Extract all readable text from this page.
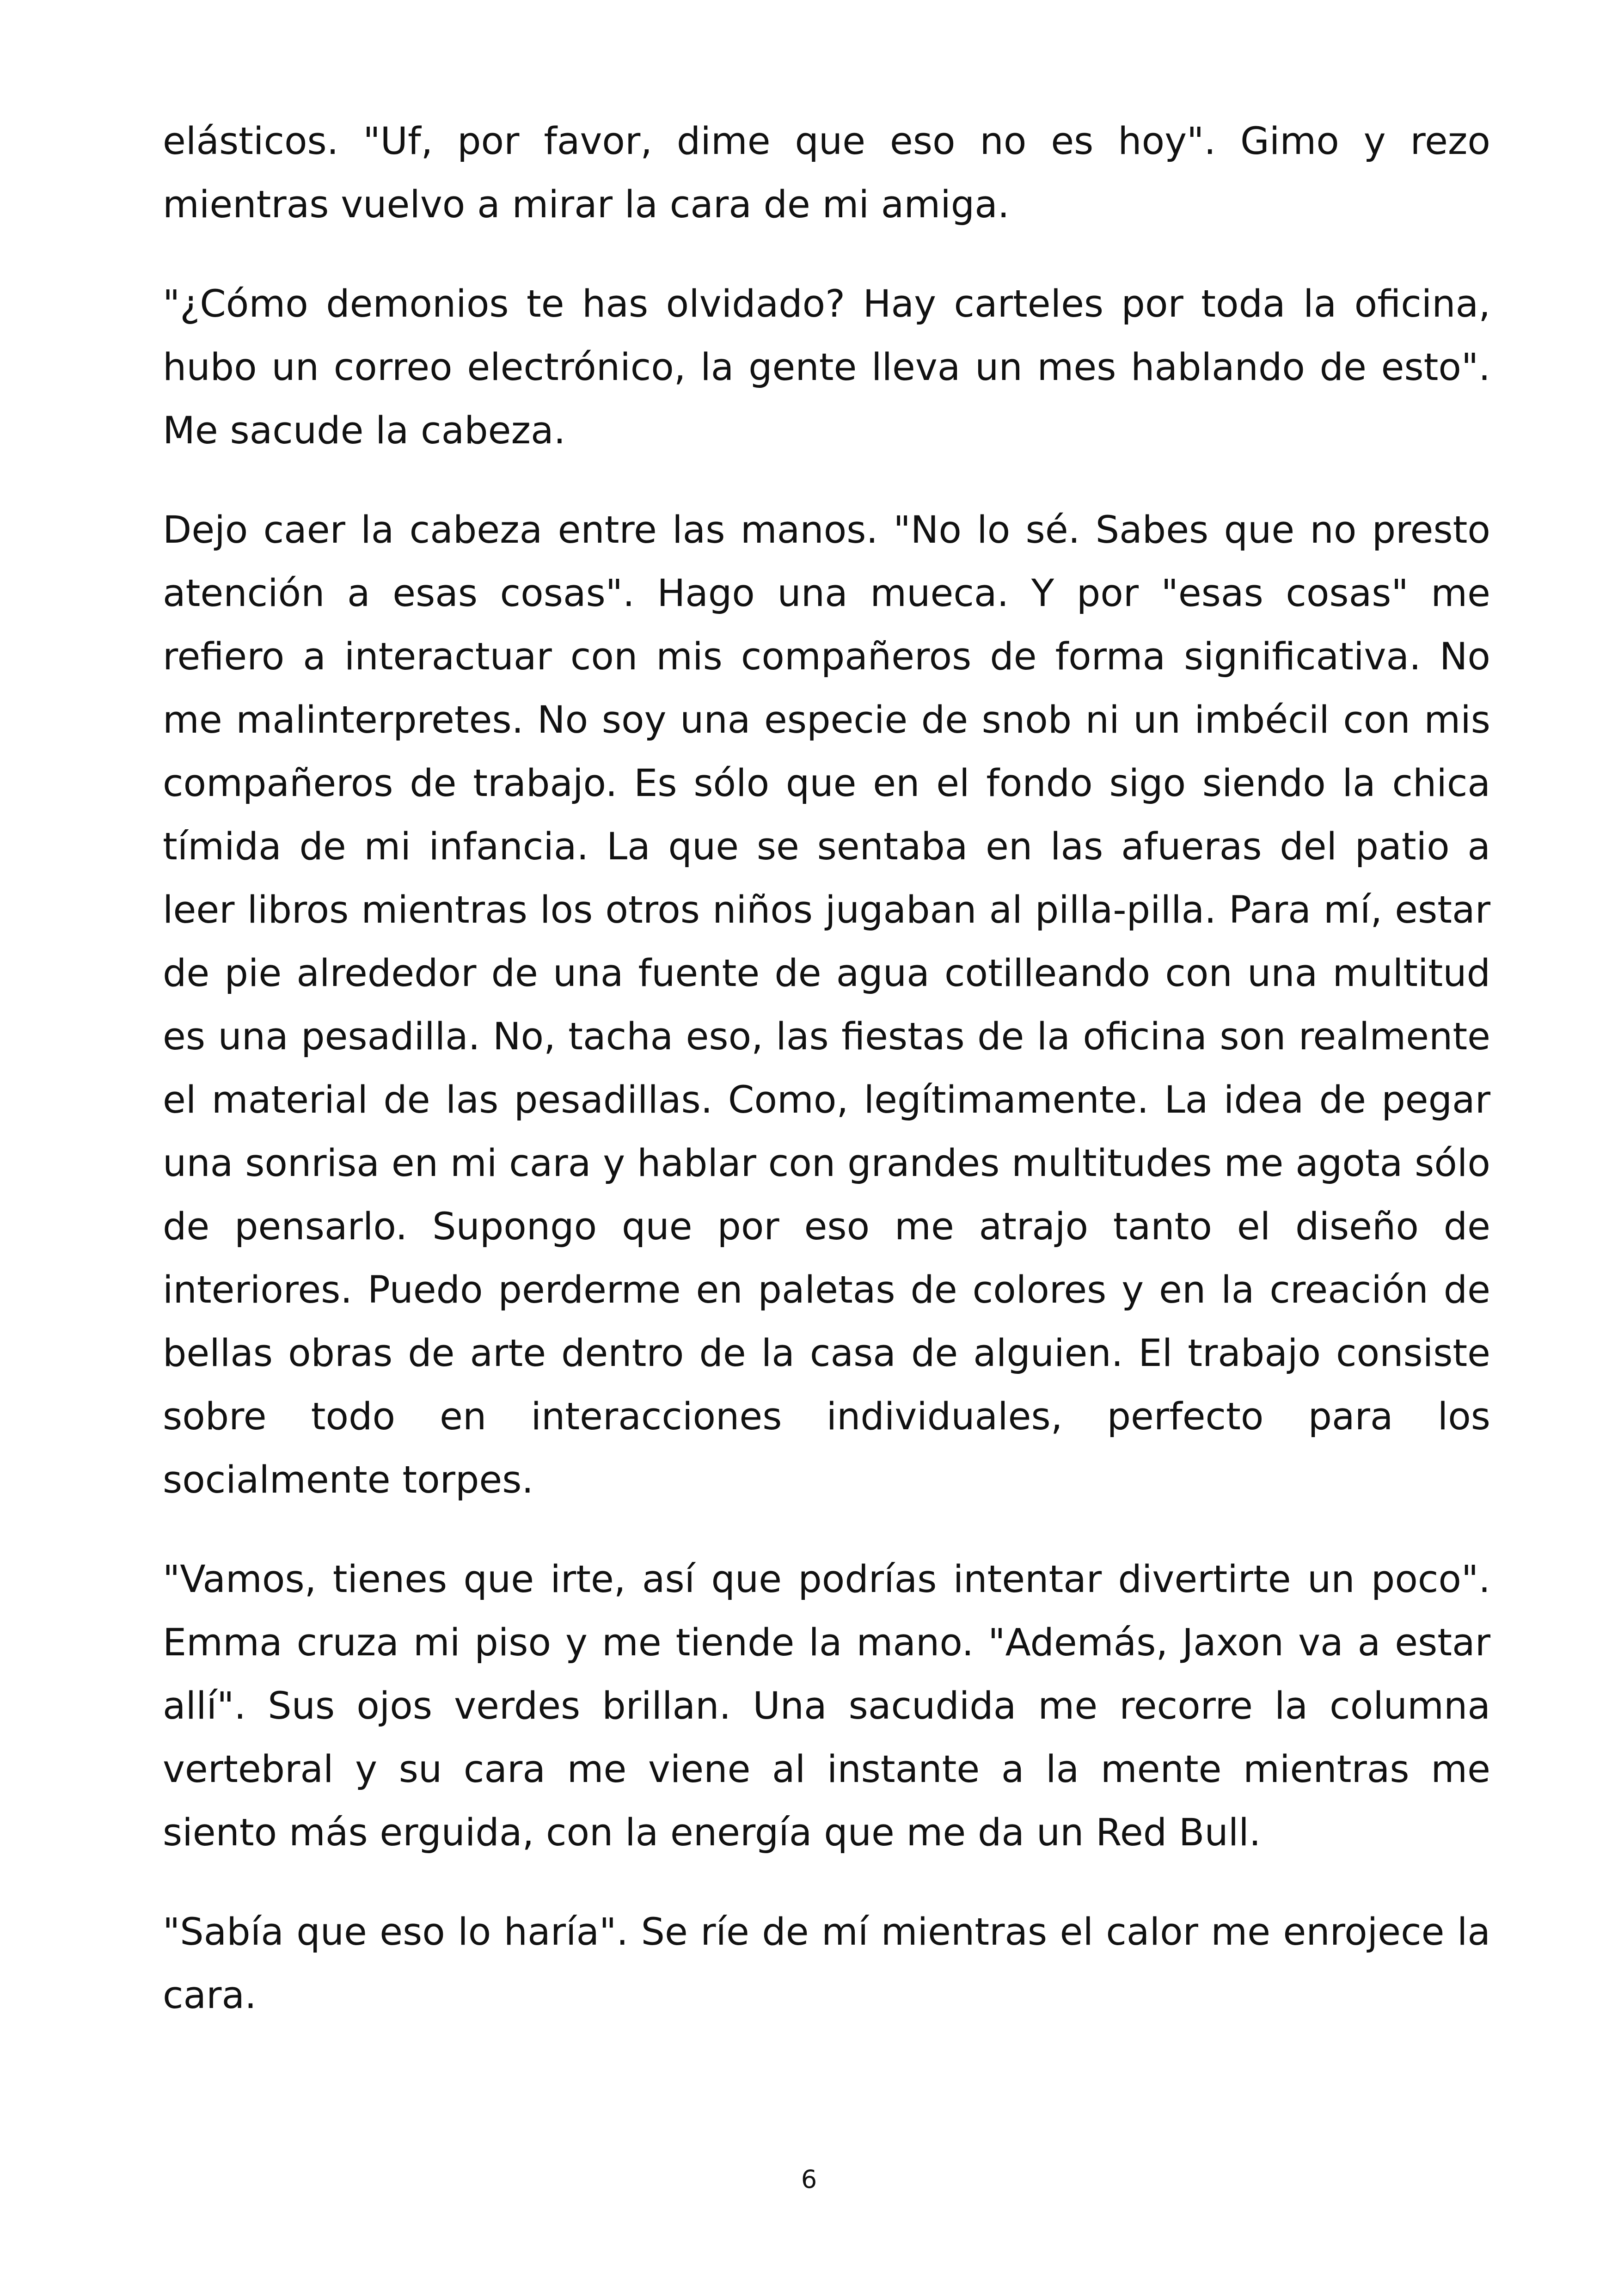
elásticos. "Uf, por favor, dime que eso no es hoy". Gimo y rezo mientras vuelvo a mirar la cara de mi amiga.

"¿Cómo demonios te has olvidado? Hay carteles por toda la oficina, hubo un correo electrónico, la gente lleva un mes hablando de esto". Me sacude la cabeza.

Dejo caer la cabeza entre las manos. "No lo sé. Sabes que no presto atención a esas cosas". Hago una mueca. Y por "esas cosas" me refiero a interactuar con mis compañeros de forma significativa. No me malinterpretes. No soy una especie de snob ni un imbécil con mis compañeros de trabajo. Es sólo que en el fondo sigo siendo la chica tímida de mi infancia. La que se sentaba en las afueras del patio a leer libros mientras los otros niños jugaban al pilla-pilla. Para mí, estar de pie alrededor de una fuente de agua cotilleando con una multitud es una pesadilla. No, tacha eso, las fiestas de la oficina son realmente el material de las pesadillas. Como, legítimamente. La idea de pegar una sonrisa en mi cara y hablar con grandes multitudes me agota sólo de pensarlo. Supongo que por eso me atrajo tanto el diseño de interiores. Puedo perderme en paletas de colores y en la creación de bellas obras de arte dentro de la casa de alguien. El trabajo consiste sobre todo en interacciones individuales, perfecto para los socialmente torpes.

"Vamos, tienes que irte, así que podrías intentar divertirte un poco". Emma cruza mi piso y me tiende la mano. "Además, Jaxon va a estar allí". Sus ojos verdes brillan. Una sacudida me recorre la columna vertebral y su cara me viene al instante a la mente mientras me siento más erguida, con la energía que me da un Red Bull.

"Sabía que eso lo haría". Se ríe de mí mientras el calor me enrojece la cara.

6
